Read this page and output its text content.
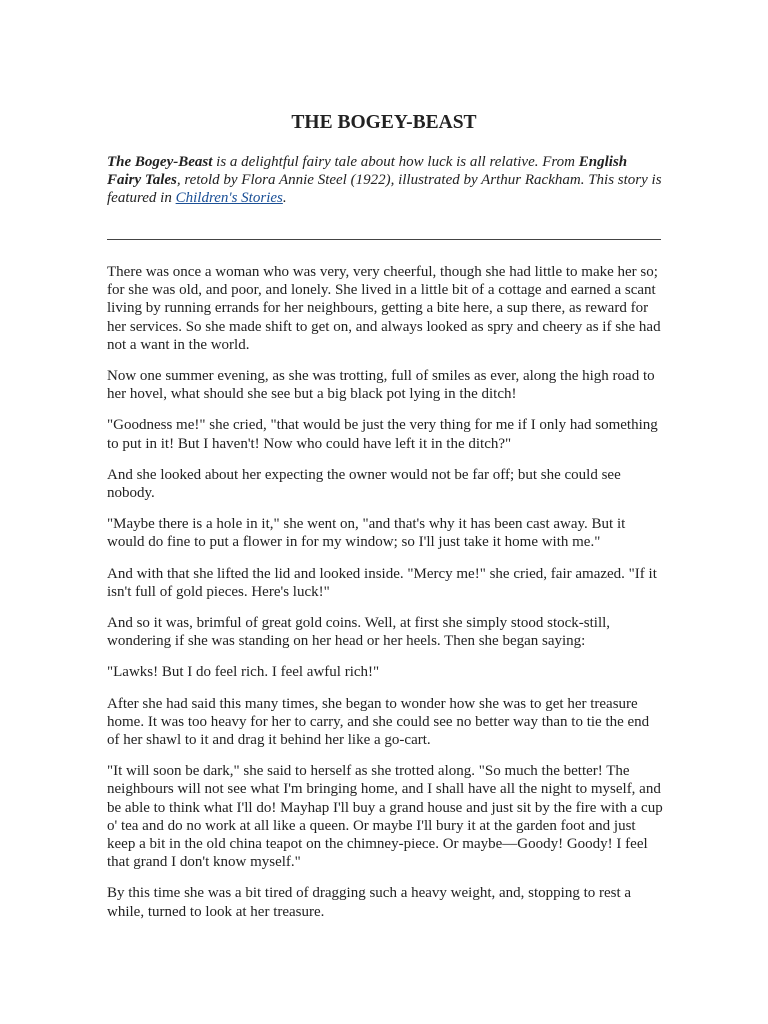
THE BOGEY-BEAST

The Bogey-Beast is a delightful fairy tale about how luck is all relative. From English Fairy Tales, retold by Flora Annie Steel (1922), illustrated by Arthur Rackham. This story is featured in Children's Stories.

There was once a woman who was very, very cheerful, though she had little to make her so; for she was old, and poor, and lonely. She lived in a little bit of a cottage and earned a scant living by running errands for her neighbours, getting a bite here, a sup there, as reward for her services. So she made shift to get on, and always looked as spry and cheery as if she had not a want in the world.

Now one summer evening, as she was trotting, full of smiles as ever, along the high road to her hovel, what should she see but a big black pot lying in the ditch!

"Goodness me!" she cried, "that would be just the very thing for me if I only had something to put in it! But I haven't! Now who could have left it in the ditch?"

And she looked about her expecting the owner would not be far off; but she could see nobody.

"Maybe there is a hole in it," she went on, "and that's why it has been cast away. But it would do fine to put a flower in for my window; so I'll just take it home with me."

And with that she lifted the lid and looked inside. "Mercy me!" she cried, fair amazed. "If it isn't full of gold pieces. Here's luck!"

And so it was, brimful of great gold coins. Well, at first she simply stood stock-still, wondering if she was standing on her head or her heels. Then she began saying:

"Lawks! But I do feel rich. I feel awful rich!"

After she had said this many times, she began to wonder how she was to get her treasure home. It was too heavy for her to carry, and she could see no better way than to tie the end of her shawl to it and drag it behind her like a go-cart.

"It will soon be dark," she said to herself as she trotted along. "So much the better! The neighbours will not see what I'm bringing home, and I shall have all the night to myself, and be able to think what I'll do! Mayhap I'll buy a grand house and just sit by the fire with a cup o' tea and do no work at all like a queen. Or maybe I'll bury it at the garden foot and just keep a bit in the old china teapot on the chimney-piece. Or maybe—Goody! Goody! I feel that grand I don't know myself."

By this time she was a bit tired of dragging such a heavy weight, and, stopping to rest a while, turned to look at her treasure.
